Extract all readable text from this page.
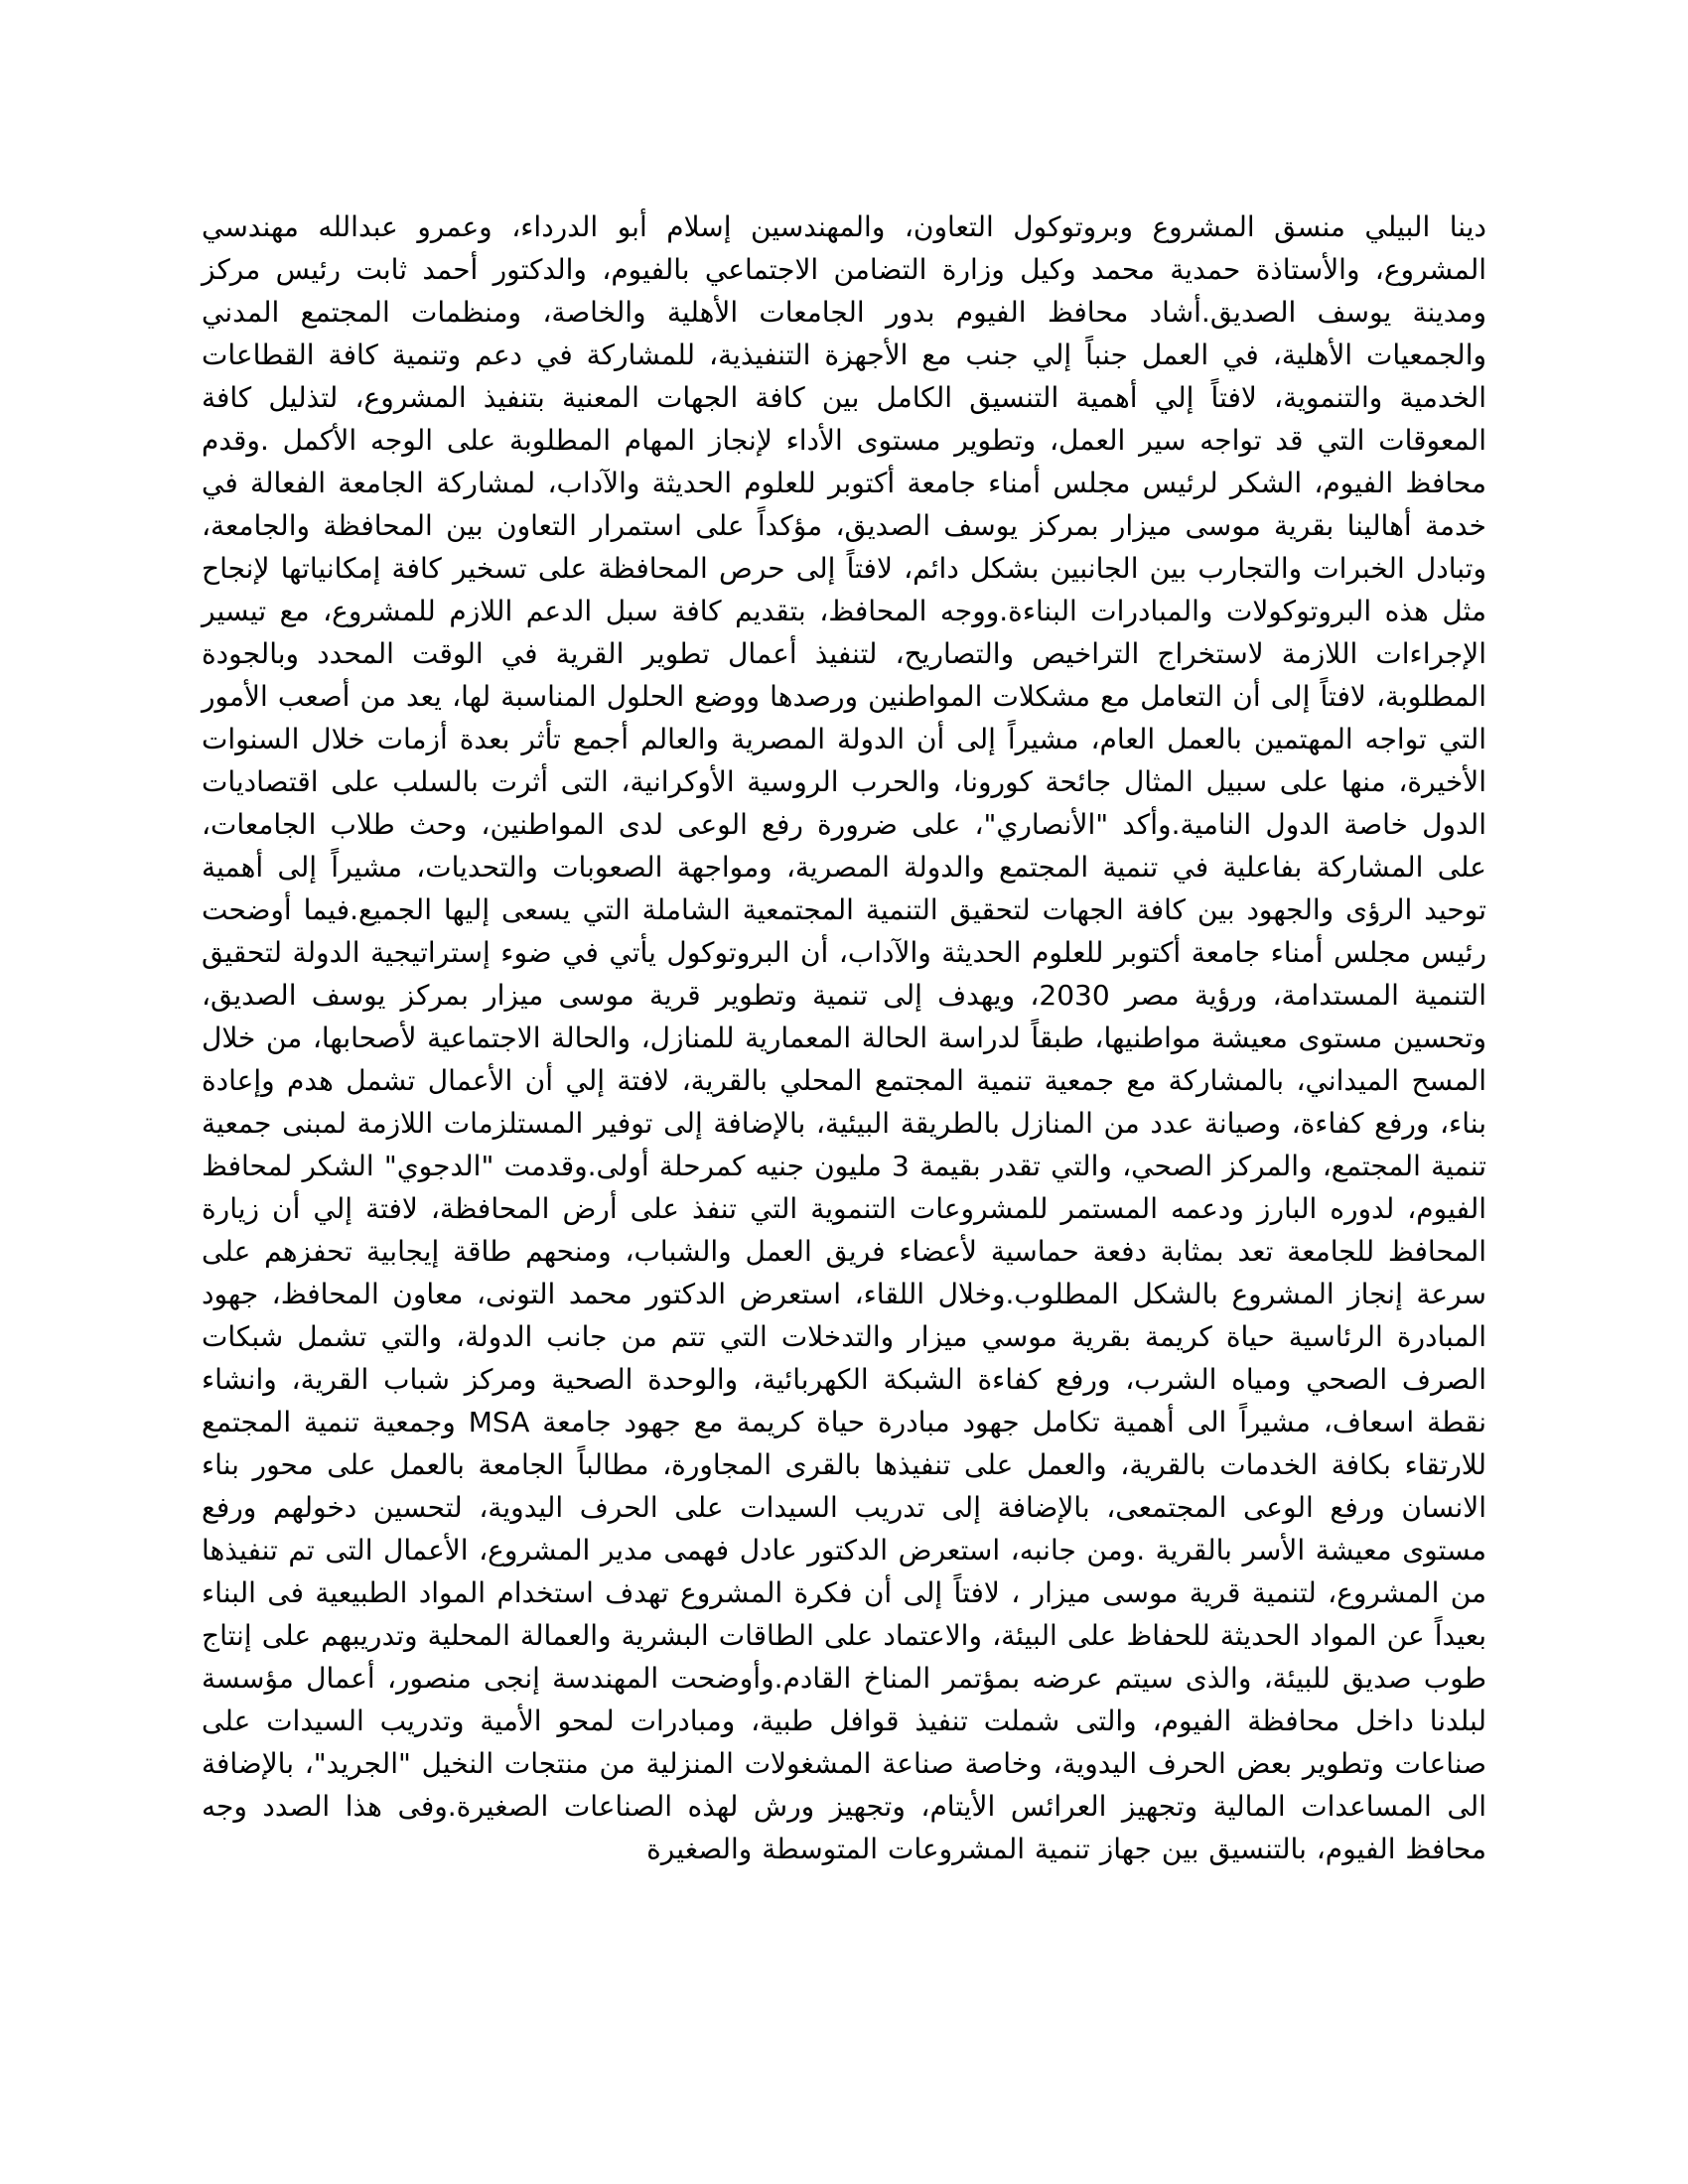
دينا البيلي منسق المشروع وبروتوكول التعاون، والمهندسين إسلام أبو الدرداء، وعمرو عبدالله مهندسي المشروع، والأستاذة حمدية محمد وكيل وزارة التضامن الاجتماعي بالفيوم، والدكتور أحمد ثابت رئيس مركز ومدينة يوسف الصديق.أشاد محافظ الفيوم بدور الجامعات الأهلية والخاصة، ومنظمات المجتمع المدني والجمعيات الأهلية، في العمل جنباً إلي جنب مع الأجهزة التنفيذية، للمشاركة في دعم وتنمية كافة القطاعات الخدمية والتنموية، لافتاً إلي أهمية التنسيق الكامل بين كافة الجهات المعنية بتنفيذ المشروع، لتذليل كافة المعوقات التي قد تواجه سير العمل، وتطوير مستوى الأداء لإنجاز المهام المطلوبة على الوجه الأكمل .وقدم محافظ الفيوم، الشكر لرئيس مجلس أمناء جامعة أكتوبر للعلوم الحديثة والآداب، لمشاركة الجامعة الفعالة في خدمة أهالينا بقرية موسى ميزار بمركز يوسف الصديق، مؤكداً على استمرار التعاون بين المحافظة والجامعة، وتبادل الخبرات والتجارب بين الجانبين بشكل دائم، لافتاً إلى حرص المحافظة على تسخير كافة إمكانياتها لإنجاح مثل هذه البروتوكولات والمبادرات البناءة.ووجه المحافظ، بتقديم كافة سبل الدعم اللازم للمشروع، مع تيسير الإجراءات اللازمة لاستخراج التراخيص والتصاريح، لتنفيذ أعمال تطوير القرية في الوقت المحدد وبالجودة المطلوبة، لافتاً إلى أن التعامل مع مشكلات المواطنين ورصدها ووضع الحلول المناسبة لها، يعد من أصعب الأمور التي تواجه المهتمين بالعمل العام، مشيراً إلى أن الدولة المصرية والعالم أجمع تأثر بعدة أزمات خلال السنوات الأخيرة، منها على سبيل المثال جائحة كورونا، والحرب الروسية الأوكرانية، التى أثرت بالسلب على اقتصاديات الدول خاصة الدول النامية.وأكد "الأنصاري"، على ضرورة رفع الوعى لدى المواطنين، وحث طلاب الجامعات، على المشاركة بفاعلية في تنمية المجتمع والدولة المصرية، ومواجهة الصعوبات والتحديات، مشيراً إلى أهمية توحيد الرؤى والجهود بين كافة الجهات لتحقيق التنمية المجتمعية الشاملة التي يسعى إليها الجميع.فيما أوضحت رئيس مجلس أمناء جامعة أكتوبر للعلوم الحديثة والآداب، أن البروتوكول يأتي في ضوء إستراتيجية الدولة لتحقيق التنمية المستدامة، ورؤية مصر 2030، ويهدف إلى تنمية وتطوير قرية موسى ميزار بمركز يوسف الصديق، وتحسين مستوى معيشة مواطنيها، طبقاً لدراسة الحالة المعمارية للمنازل، والحالة الاجتماعية لأصحابها، من خلال المسح الميداني، بالمشاركة مع جمعية تنمية المجتمع المحلي بالقرية، لافتة إلي أن الأعمال تشمل هدم وإعادة بناء، ورفع كفاءة، وصيانة عدد من المنازل بالطريقة البيئية، بالإضافة إلى توفير المستلزمات اللازمة لمبنى جمعية تنمية المجتمع، والمركز الصحي، والتي تقدر بقيمة 3 مليون جنيه كمرحلة أولى.وقدمت "الدجوي" الشكر لمحافظ الفيوم، لدوره البارز ودعمه المستمر للمشروعات التنموية التي تنفذ على أرض المحافظة، لافتة إلي أن زيارة المحافظ للجامعة تعد بمثابة دفعة حماسية لأعضاء فريق العمل والشباب، ومنحهم طاقة إيجابية تحفزهم على سرعة إنجاز المشروع بالشكل المطلوب.وخلال اللقاء، استعرض الدكتور محمد التونى، معاون المحافظ، جهود المبادرة الرئاسية حياة كريمة بقرية موسي ميزار والتدخلات التي تتم من جانب الدولة، والتي تشمل شبكات الصرف الصحي ومياه الشرب، ورفع كفاءة الشبكة الكهربائية، والوحدة الصحية ومركز شباب القرية، وانشاء نقطة اسعاف، مشيراً الى أهمية تكامل جهود مبادرة حياة كريمة مع جهود جامعة MSA وجمعية تنمية المجتمع للارتقاء بكافة الخدمات بالقرية، والعمل على تنفيذها بالقرى المجاورة، مطالباً الجامعة بالعمل على محور بناء الانسان ورفع الوعى المجتمعى، بالإضافة إلى تدريب السيدات على الحرف اليدوية، لتحسين دخولهم ورفع مستوى معيشة الأسر بالقرية .ومن جانبه، استعرض الدكتور عادل فهمى مدير المشروع، الأعمال التى تم تنفيذها من المشروع، لتنمية قرية موسى ميزار ، لافتاً إلى أن فكرة المشروع تهدف استخدام المواد الطبيعية فى البناء بعيداً عن المواد الحديثة للحفاظ على البيئة، والاعتماد على الطاقات البشرية والعمالة المحلية وتدريبهم على إنتاج طوب صديق للبيئة، والذى سيتم عرضه بمؤتمر المناخ القادم.وأوضحت المهندسة إنجى منصور، أعمال مؤسسة لبلدنا داخل محافظة الفيوم، والتى شملت تنفيذ قوافل طبية، ومبادرات لمحو الأمية وتدريب السيدات على صناعات وتطوير بعض الحرف اليدوية، وخاصة صناعة المشغولات المنزلية من منتجات النخيل "الجريد"، بالإضافة الى المساعدات المالية وتجهيز العرائس الأيتام، وتجهيز ورش لهذه الصناعات الصغيرة.وفى هذا الصدد وجه محافظ الفيوم، بالتنسيق بين جهاز تنمية المشروعات المتوسطة والصغيرة
